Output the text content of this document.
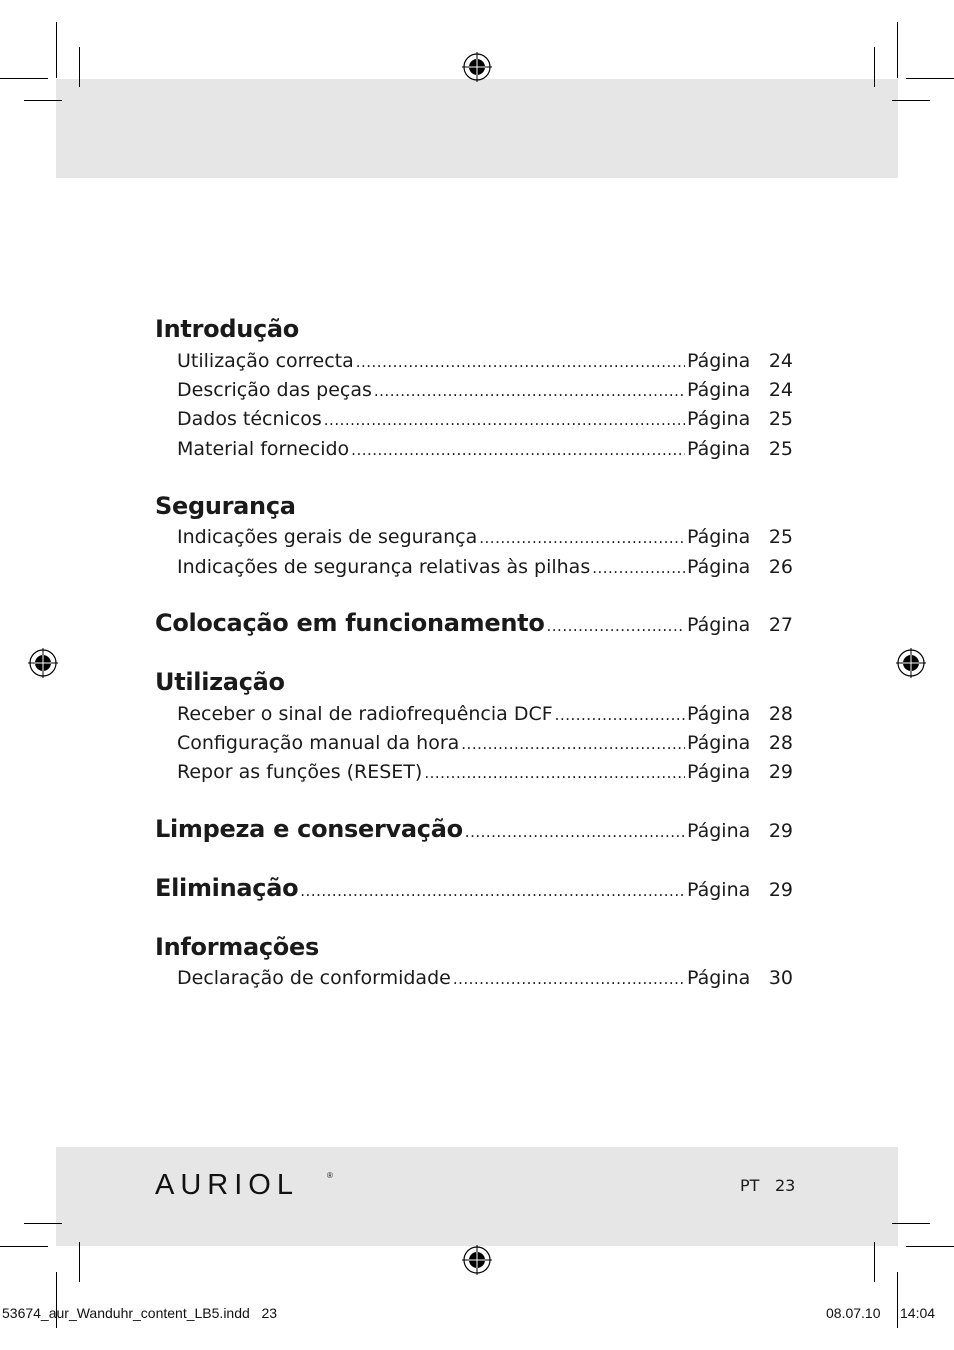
Introdução
Utilização correcta .....	Página 24
Descrição das peças .....	Página 24
Dados técnicos .....	Página 25
Material fornecido .....	Página 25
Segurança
Indicações gerais de segurança .....	Página 25
Indicações de segurança relativas às pilhas .....	Página 26
Colocação em funcionamento .....	Página 27
Utilização
Receber o sinal de radiofrequência DCF .....	Página 28
Configuração manual da hora .....	Página 28
Repor as funções (RESET) .....	Página 29
Limpeza e conservação .....	Página 29
Eliminação .....	Página 29
Informações
Declaração de conformidade .....	Página 30
AURIOL	®
PT 23
53674_aur_Wanduhr_content_LB5.indd   23	08.07.10 14:04
